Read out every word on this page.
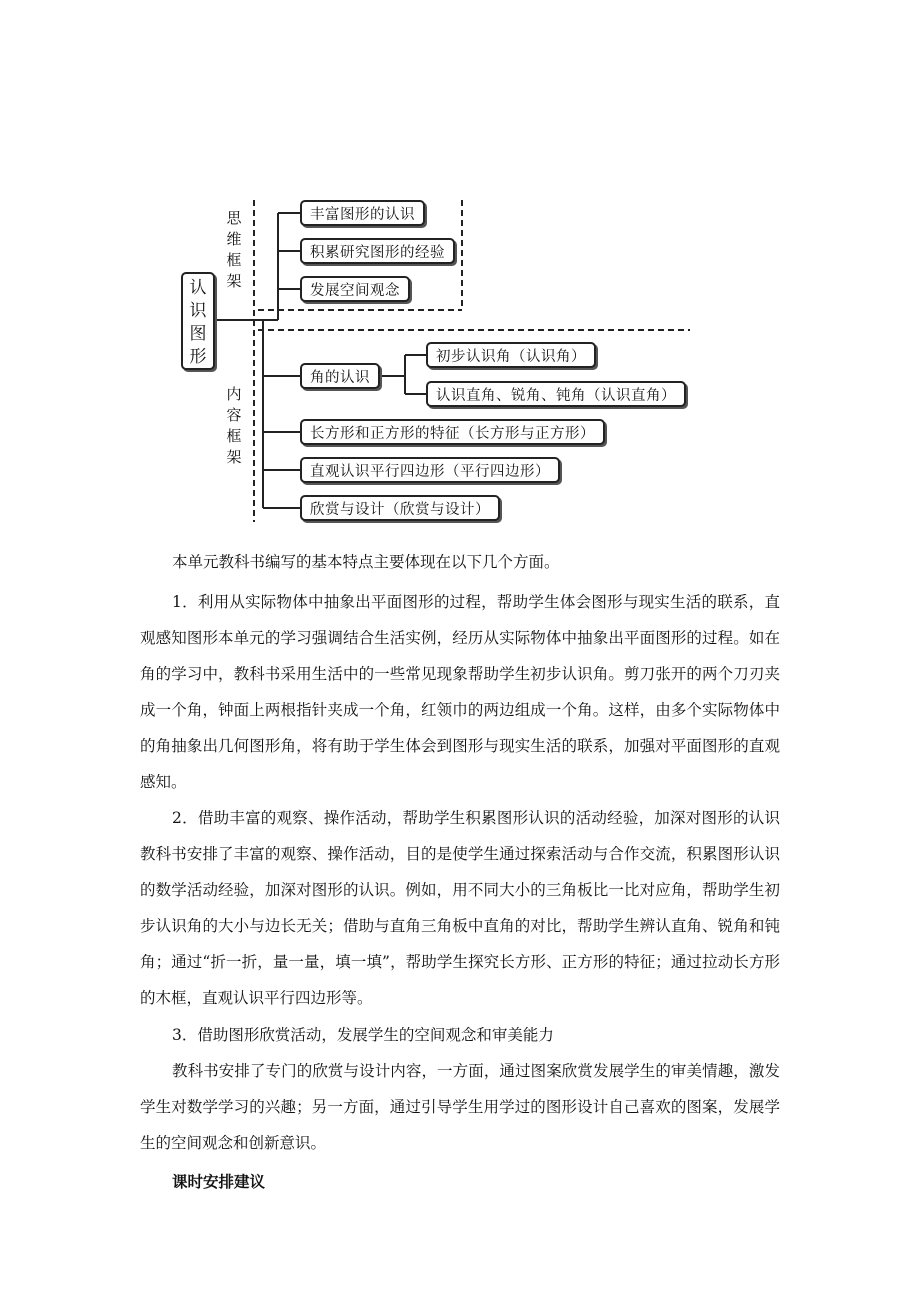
认识图形
思维框架
内容框架
丰富图形的认识
积累研究图形的经验
发展空间观念
角的认识
初步认识角（认识角）
认识直角、锐角、钝角（认识直角）
长方形和正方形的特征（长方形与正方形）
直观认识平行四边形（平行四边形）
欣赏与设计（欣赏与设计）

本单元教科书编写的基本特点主要体现在以下几个方面。

1．利用从实际物体中抽象出平面图形的过程，帮助学生体会图形与现实生活的联系，直观感知图形本单元的学习强调结合生活实例，经历从实际物体中抽象出平面图形的过程。如在角的学习中，教科书采用生活中的一些常见现象帮助学生初步认识角。剪刀张开的两个刀刃夹成一个角，钟面上两根指针夹成一个角，红领巾的两边组成一个角。这样，由多个实际物体中的角抽象出几何图形角，将有助于学生体会到图形与现实生活的联系，加强对平面图形的直观感知。

2．借助丰富的观察、操作活动，帮助学生积累图形认识的活动经验，加深对图形的认识教科书安排了丰富的观察、操作活动，目的是使学生通过探索活动与合作交流，积累图形认识的数学活动经验，加深对图形的认识。例如，用不同大小的三角板比一比对应角，帮助学生初步认识角的大小与边长无关；借助与直角三角板中直角的对比，帮助学生辨认直角、锐角和钝角；通过“折一折，量一量，填一填”，帮助学生探究长方形、正方形的特征；通过拉动长方形的木框，直观认识平行四边形等。

3．借助图形欣赏活动，发展学生的空间观念和审美能力

教科书安排了专门的欣赏与设计内容，一方面，通过图案欣赏发展学生的审美情趣，激发学生对数学学习的兴趣；另一方面，通过引导学生用学过的图形设计自己喜欢的图案，发展学生的空间观念和创新意识。

课时安排建议
